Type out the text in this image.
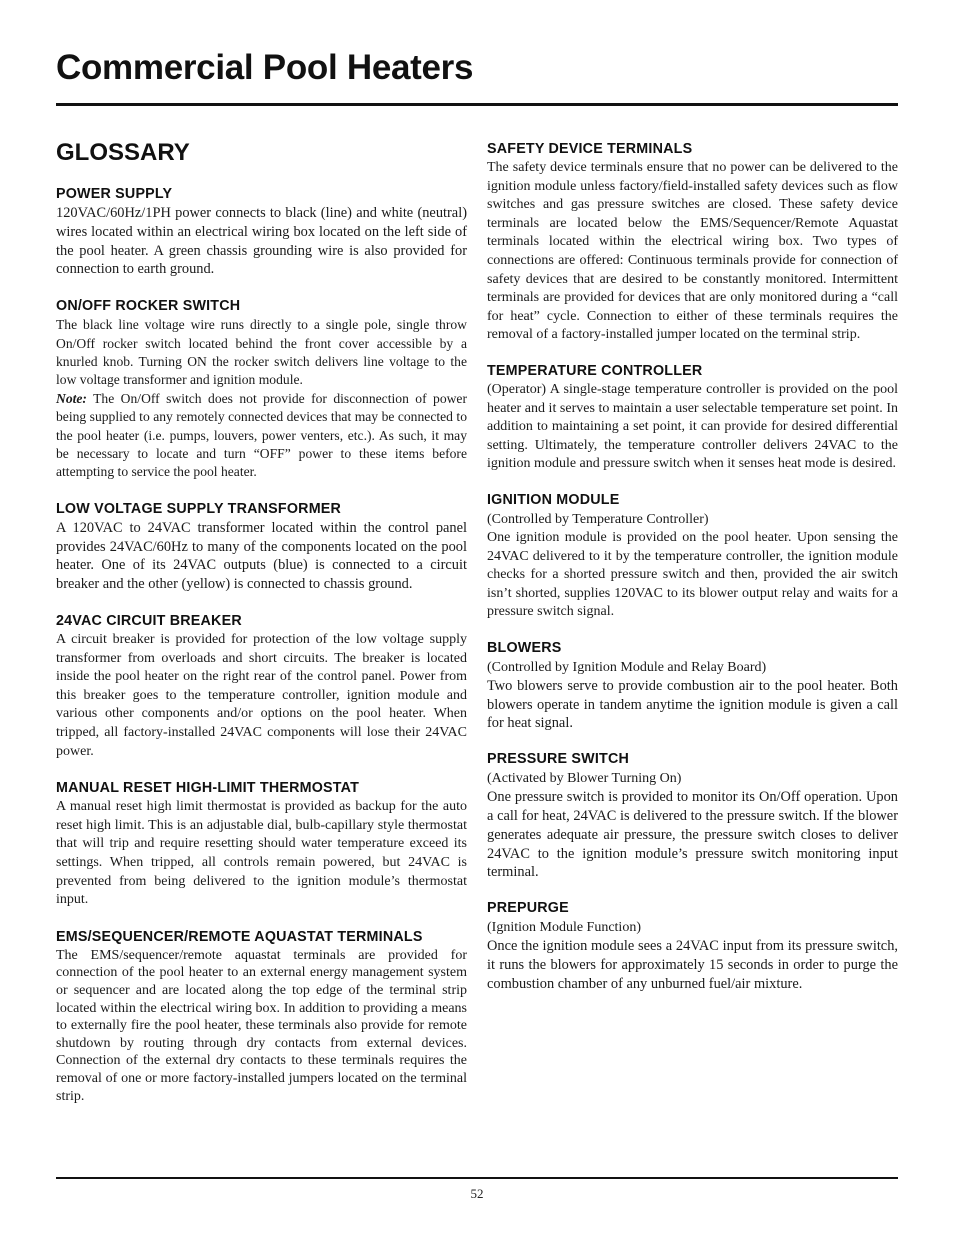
Commercial Pool Heaters
GLOSSARY
POWER SUPPLY
120VAC/60Hz/1PH power connects to black (line) and white (neutral) wires located within an electrical wiring box located on the left side of the pool heater. A green chassis grounding wire is also provided for connection to earth ground.
ON/OFF ROCKER SWITCH
The black line voltage wire runs directly to a single pole, single throw On/Off rocker switch located behind the front cover accessible by a knurled knob. Turning ON the rocker switch delivers line voltage to the low voltage transformer and ignition module.
Note: The On/Off switch does not provide for disconnection of power being supplied to any remotely connected devices that may be connected to the pool heater (i.e. pumps, louvers, power venters, etc.). As such, it may be necessary to locate and turn “OFF” power to these items before attempting to service the pool heater.
LOW VOLTAGE SUPPLY TRANSFORMER
A 120VAC to 24VAC transformer located within the control panel provides 24VAC/60Hz to many of the components located on the pool heater. One of its 24VAC outputs (blue) is connected to a circuit breaker and the other (yellow) is connected to chassis ground.
24VAC CIRCUIT BREAKER
A circuit breaker is provided for protection of the low voltage supply transformer from overloads and short circuits. The breaker is located inside the pool heater on the right rear of the control panel. Power from this breaker goes to the temperature controller, ignition module and various other components and/or options on the pool heater. When tripped, all factory-installed 24VAC components will lose their 24VAC power.
MANUAL RESET HIGH-LIMIT THERMOSTAT
A manual reset high limit thermostat is provided as backup for the auto reset high limit. This is an adjustable dial, bulb-capillary style thermostat that will trip and require resetting should water temperature exceed its settings. When tripped, all controls remain powered, but 24VAC is prevented from being delivered to the ignition module’s thermostat input.
EMS/SEQUENCER/REMOTE AQUASTAT TERMINALS
The EMS/sequencer/remote aquastat terminals are provided for connection of the pool heater to an external energy management system or sequencer and are located along the top edge of the terminal strip located within the electrical wiring box. In addition to providing a means to externally fire the pool heater, these terminals also provide for remote shutdown by routing through dry contacts from external devices. Connection of the external dry contacts to these terminals requires the removal of one or more factory-installed jumpers located on the terminal strip.
SAFETY DEVICE TERMINALS
The safety device terminals ensure that no power can be delivered to the ignition module unless factory/field-installed safety devices such as flow switches and gas pressure switches are closed. These safety device terminals are located below the EMS/Sequencer/Remote Aquastat terminals located within the electrical wiring box. Two types of connections are offered: Continuous terminals provide for connection of safety devices that are desired to be constantly monitored. Intermittent terminals are provided for devices that are only monitored during a “call for heat” cycle. Connection to either of these terminals requires the removal of a factory-installed jumper located on the terminal strip.
TEMPERATURE CONTROLLER
(Operator) A single-stage temperature controller is provided on the pool heater and it serves to maintain a user selectable temperature set point. In addition to maintaining a set point, it can provide for desired differential setting. Ultimately, the temperature controller delivers 24VAC to the ignition module and pressure switch when it senses heat mode is desired.
IGNITION MODULE
(Controlled by Temperature Controller)
One ignition module is provided on the pool heater. Upon sensing the 24VAC delivered to it by the temperature controller, the ignition module checks for a shorted pressure switch and then, provided the air switch isn’t shorted, supplies 120VAC to its blower output relay and waits for a pressure switch signal.
BLOWERS
(Controlled by Ignition Module and Relay Board)
Two blowers serve to provide combustion air to the pool heater. Both blowers operate in tandem anytime the ignition module is given a call for heat signal.
PRESSURE SWITCH
(Activated by Blower Turning On)
One pressure switch is provided to monitor its On/Off operation. Upon a call for heat, 24VAC is delivered to the pressure switch. If the blower generates adequate air pressure, the pressure switch closes to deliver 24VAC to the ignition module’s pressure switch monitoring input terminal.
PREPURGE
(Ignition Module Function)
Once the ignition module sees a 24VAC input from its pressure switch, it runs the blowers for approximately 15 seconds in order to purge the combustion chamber of any unburned fuel/air mixture.
52
